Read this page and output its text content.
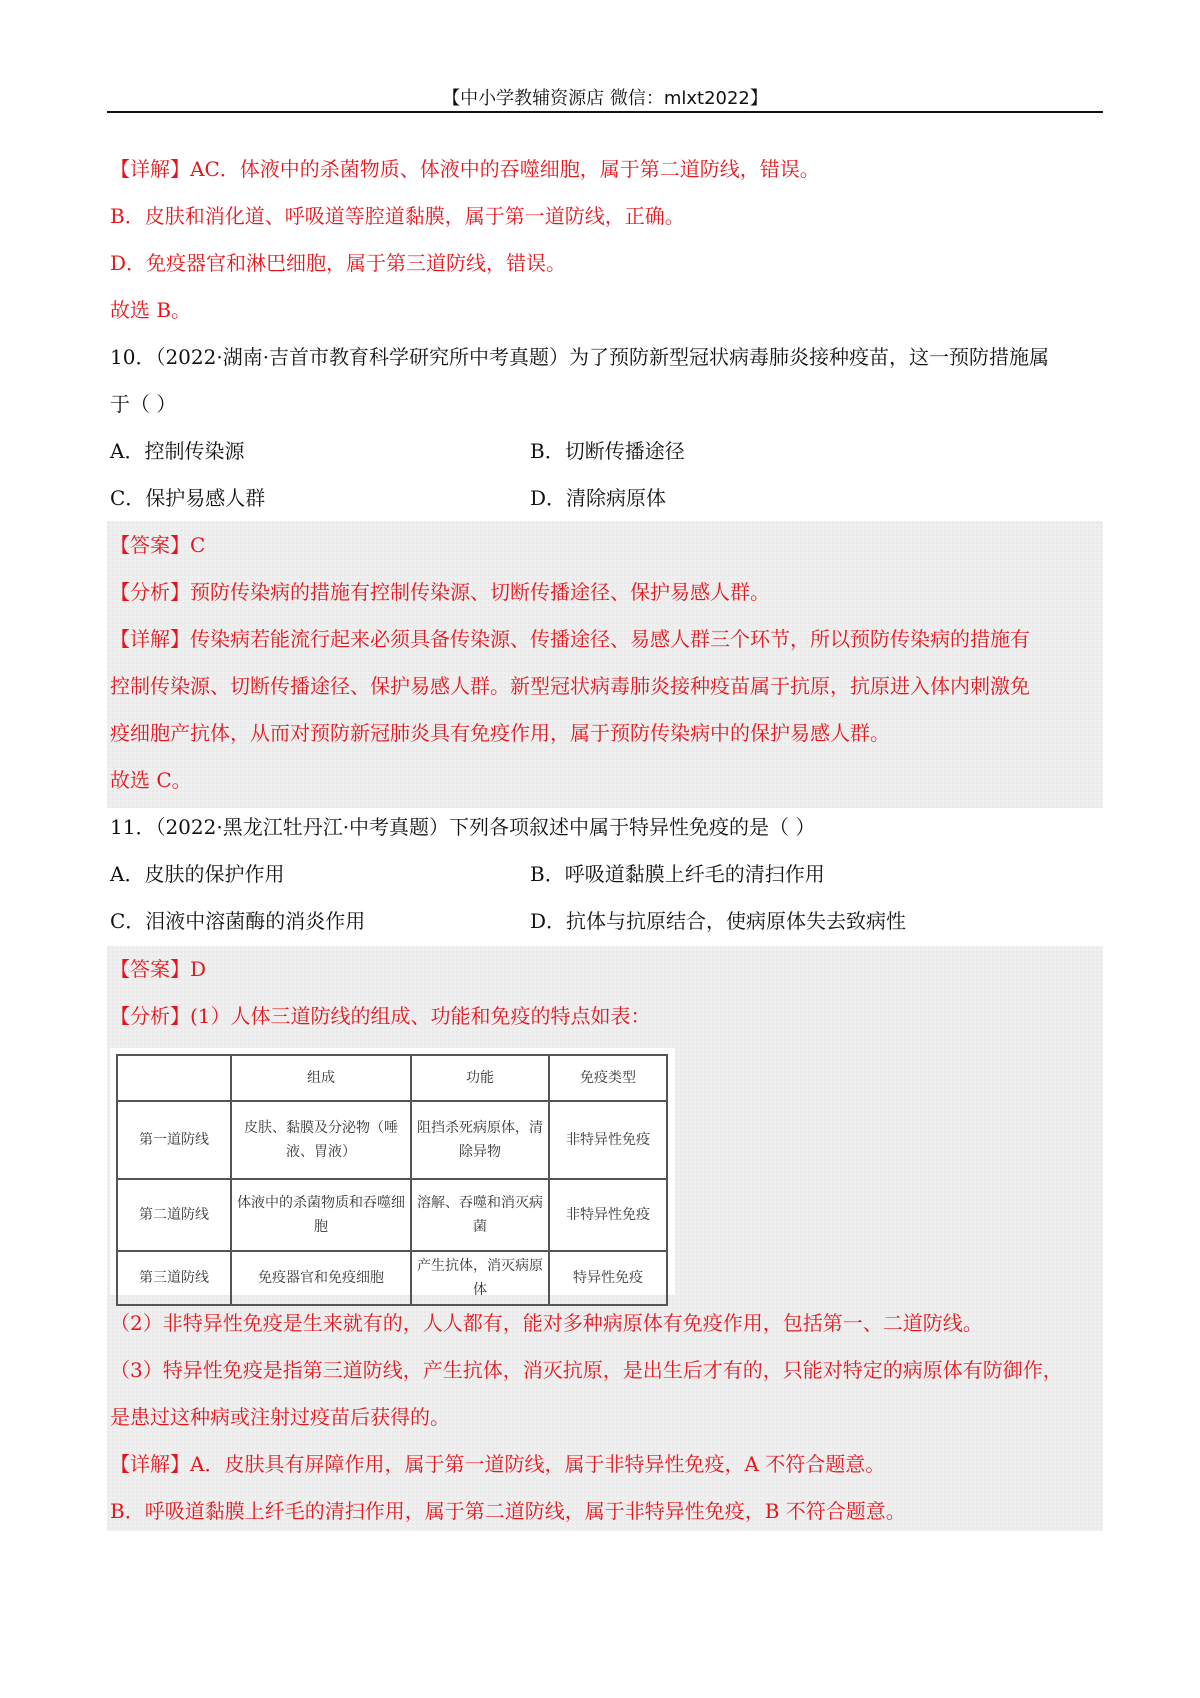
【中小学教辅资源店 微信：mlxt2022】
【详解】AC．体液中的杀菌物质、体液中的吞噬细胞，属于第二道防线，错误。
B．皮肤和消化道、呼吸道等腔道黏膜，属于第一道防线，正确。
D．免疫器官和淋巴细胞，属于第三道防线，错误。
故选 B。
10．（2022·湖南·吉首市教育科学研究所中考真题）为了预防新型冠状病毒肺炎接种疫苗，这一预防措施属
于（ ）
A．控制传染源	B．切断传播途径
C．保护易感人群	D．清除病原体
【答案】C
【分析】预防传染病的措施有控制传染源、切断传播途径、保护易感人群。
【详解】传染病若能流行起来必须具备传染源、传播途径、易感人群三个环节，所以预防传染病的措施有
控制传染源、切断传播途径、保护易感人群。新型冠状病毒肺炎接种疫苗属于抗原，抗原进入体内刺激免
疫细胞产抗体，从而对预防新冠肺炎具有免疫作用，属于预防传染病中的保护易感人群。
故选 C。
11．（2022·黑龙江牡丹江·中考真题）下列各项叙述中属于特异性免疫的是（ ）
A．皮肤的保护作用	B．呼吸道黏膜上纤毛的清扫作用
C．泪液中溶菌酶的消炎作用	D．抗体与抗原结合，使病原体失去致病性
【答案】D
【分析】(1）人体三道防线的组成、功能和免疫的特点如表：
	组成	功能	免疫类型
第一道防线	皮肤、黏膜及分泌物（唾液、胃液）	阻挡杀死病原体，清除异物	非特异性免疫
第二道防线	体液中的杀菌物质和吞噬细胞	溶解、吞噬和消灭病菌	非特异性免疫
第三道防线	免疫器官和免疫细胞	产生抗体，消灭病原体	特异性免疫
（2）非特异性免疫是生来就有的，人人都有，能对多种病原体有免疫作用，包括第一、二道防线。
（3）特异性免疫是指第三道防线，产生抗体，消灭抗原，是出生后才有的，只能对特定的病原体有防御作，
是患过这种病或注射过疫苗后获得的。
【详解】A．皮肤具有屏障作用，属于第一道防线，属于非特异性免疫，A 不符合题意。
B．呼吸道黏膜上纤毛的清扫作用，属于第二道防线，属于非特异性免疫，B 不符合题意。
